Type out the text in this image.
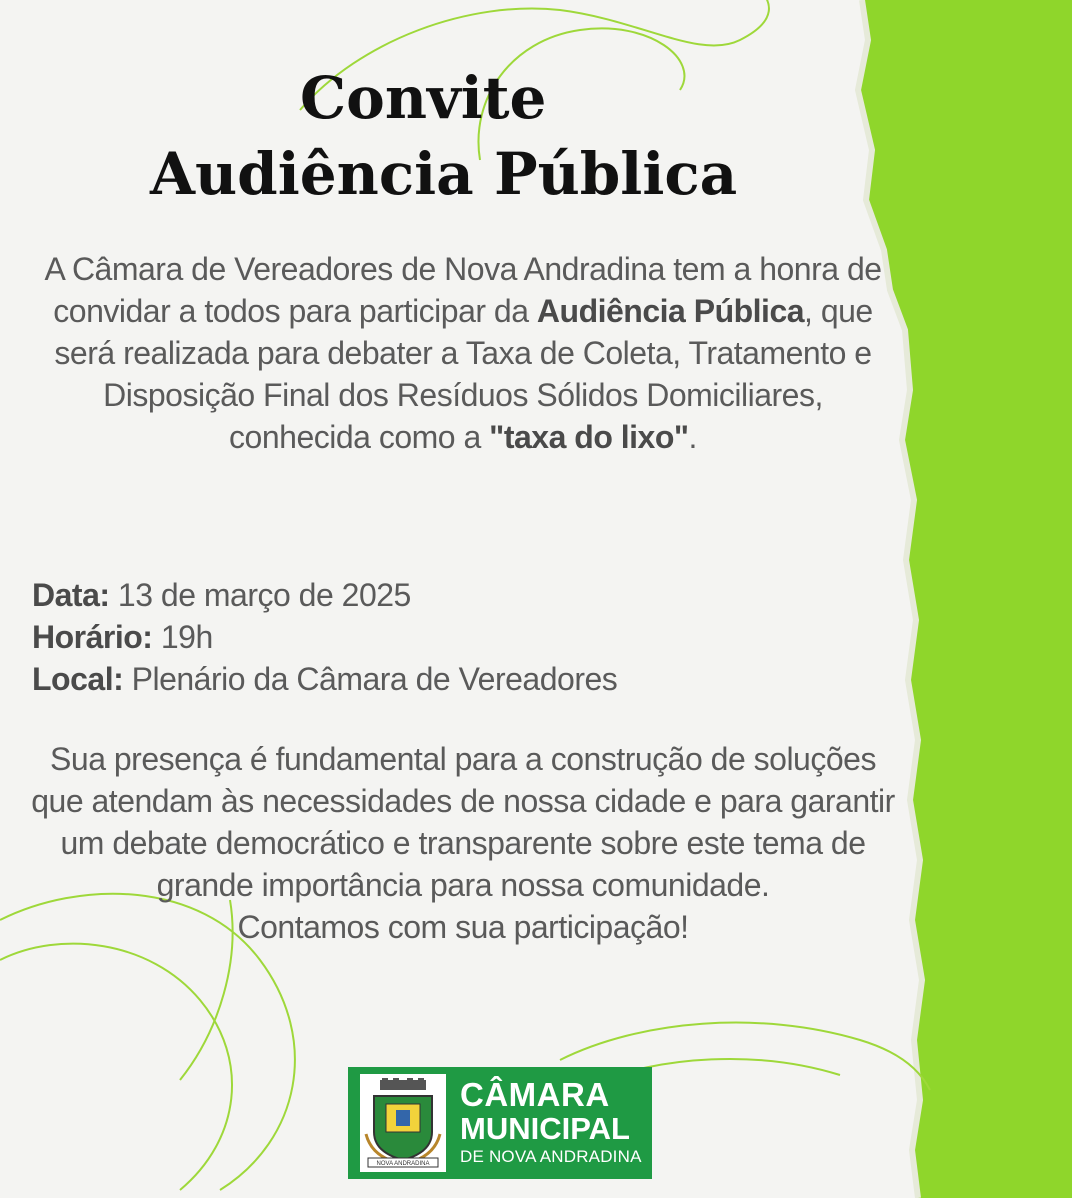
Convite
Audiência Pública
A Câmara de Vereadores de Nova Andradina tem a honra de convidar a todos para participar da Audiência Pública, que será realizada para debater a Taxa de Coleta, Tratamento e Disposição Final dos Resíduos Sólidos Domiciliares, conhecida como a "taxa do lixo".
Data: 13 de março de 2025
Horário: 19h
Local: Plenário da Câmara de Vereadores
Sua presença é fundamental para a construção de soluções que atendam às necessidades de nossa cidade e para garantir um debate democrático e transparente sobre este tema de grande importância para nossa comunidade.
Contamos com sua participação!
NOVA ANDRADINA
CÂMARA
MUNICIPAL
DE NOVA ANDRADINA
